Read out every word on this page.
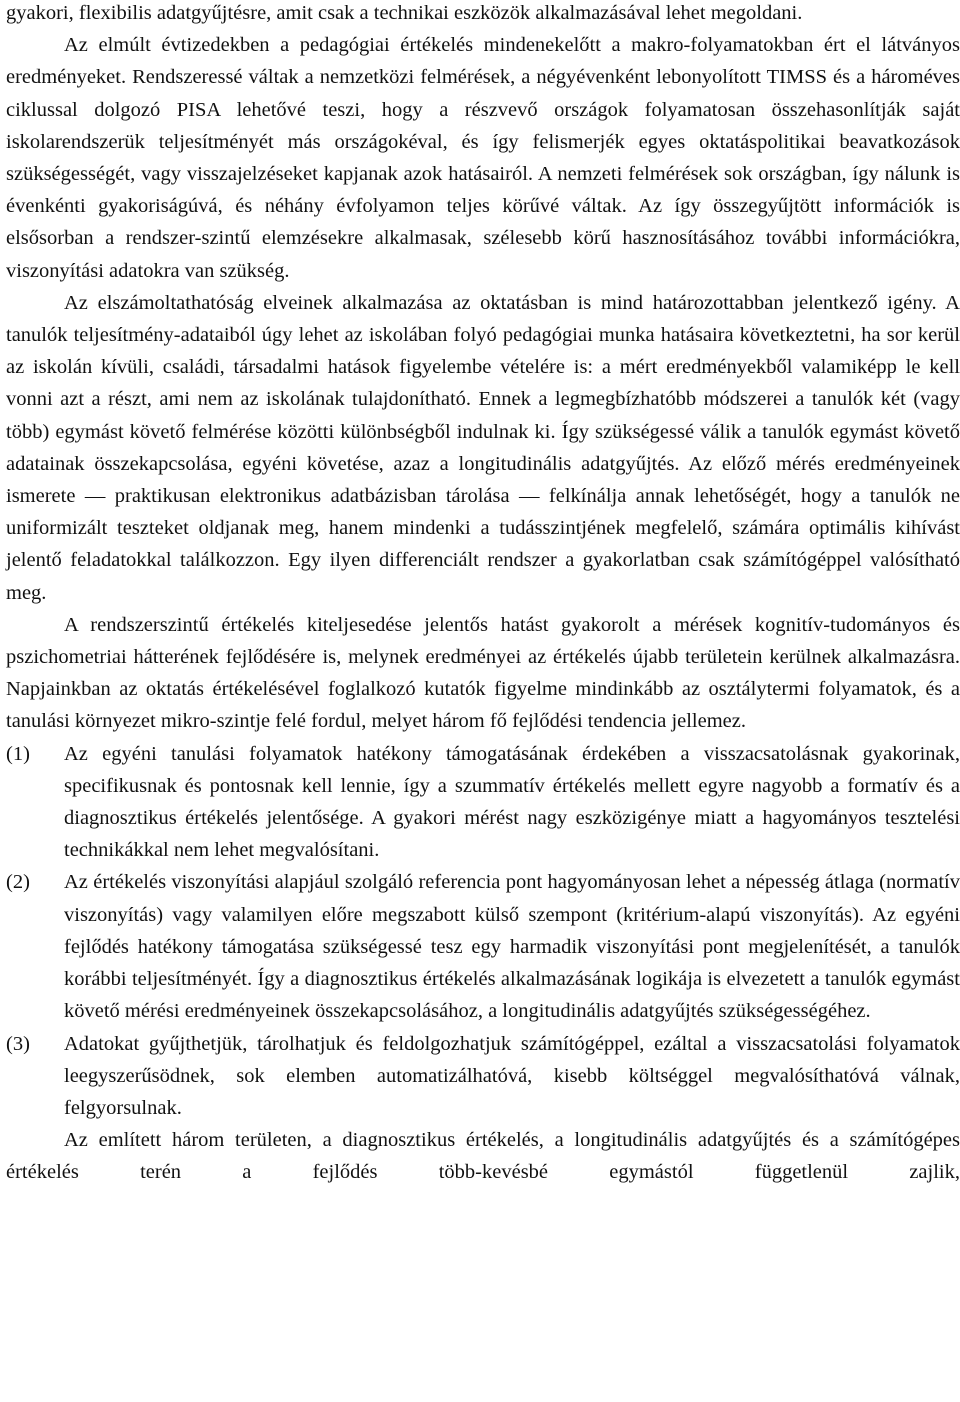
gyakori, flexibilis adatgyűjtésre, amit csak a technikai eszközök alkalmazásával lehet megoldani.

Az elmúlt évtizedekben a pedagógiai értékelés mindenekelőtt a makro-folyamatokban ért el látványos eredményeket. Rendszeressé váltak a nemzetközi felmérések, a négyévenként lebonyolított TIMSS és a hároméves ciklussal dolgozó PISA lehetővé teszi, hogy a részvevő országok folyamatosan összehasonlítják saját iskolarendszerük teljesítményét más országokéval, és így felismerjék egyes oktatáspolitikai beavatkozások szükségességét, vagy visszajelzéseket kapjanak azok hatásairól. A nemzeti felmérések sok országban, így nálunk is évenkénti gyakoriságúvá, és néhány évfolyamon teljes körűvé váltak. Az így összegyűjtött információk is elsősorban a rendszer-szintű elemzésekre alkalmasak, szélesebb körű hasznosításához további információkra, viszonyítási adatokra van szükség.

Az elszámoltathatóság elveinek alkalmazása az oktatásban is mind határozottabban jelentkező igény. A tanulók teljesítmény-adataiból úgy lehet az iskolában folyó pedagógiai munka hatásaira következtetni, ha sor kerül az iskolán kívüli, családi, társadalmi hatások figyelembe vételére is: a mért eredményekből valamiképp le kell vonni azt a részt, ami nem az iskolának tulajdonítható. Ennek a legmegbízhatóbb módszerei a tanulók két (vagy több) egymást követő felmérése közötti különbségből indulnak ki. Így szükségessé válik a tanulók egymást követő adatainak összekapcsolása, egyéni követése, azaz a longitudinális adatgyűjtés. Az előző mérés eredményeinek ismerete — praktikusan elektronikus adatbázisban tárolása — felkínálja annak lehetőségét, hogy a tanulók ne uniformizált teszteket oldjanak meg, hanem mindenki a tudásszintjének megfelelő, számára optimális kihívást jelentő feladatokkal találkozzon. Egy ilyen differenciált rendszer a gyakorlatban csak számítógéppel valósítható meg.

A rendszerszintű értékelés kiteljesedése jelentős hatást gyakorolt a mérések kognitív-tudományos és pszichometriai hátterének fejlődésére is, melynek eredményei az értékelés újabb területein kerülnek alkalmazásra. Napjainkban az oktatás értékelésével foglalkozó kutatók figyelme mindinkább az osztálytermi folyamatok, és a tanulási környezet mikro-szintje felé fordul, melyet három fő fejlődési tendencia jellemez.

(1)	Az egyéni tanulási folyamatok hatékony támogatásának érdekében a visszacsatolásnak gyakorinak, specifikusnak és pontosnak kell lennie, így a szummatív értékelés mellett egyre nagyobb a formatív és a diagnosztikus értékelés jelentősége. A gyakori mérést nagy eszközigénye miatt a hagyományos tesztelési technikákkal nem lehet megvalósítani.
(2)	Az értékelés viszonyítási alapjául szolgáló referencia pont hagyományosan lehet a népesség átlaga (normatív viszonyítás) vagy valamilyen előre megszabott külső szempont (kritérium-alapú viszonyítás). Az egyéni fejlődés hatékony támogatása szükségessé tesz egy harmadik viszonyítási pont megjelenítését, a tanulók korábbi teljesítményét. Így a diagnosztikus értékelés alkalmazásának logikája is elvezetett a tanulók egymást követő mérési eredményeinek összekapcsolásához, a longitudinális adatgyűjtés szükségességéhez.
(3)	Adatokat gyűjthetjük, tárolhatjuk és feldolgozhatjuk számítógéppel, ezáltal a visszacsatolási folyamatok leegyszerűsödnek, sok elemben automatizálhatóvá, kisebb költséggel megvalósíthatóvá válnak, felgyorsulnak.

Az említett három területen, a diagnosztikus értékelés, a longitudinális adatgyűjtés és a számítógépes értékelés terén a fejlődés több-kevésbé egymástól függetlenül zajlik,
